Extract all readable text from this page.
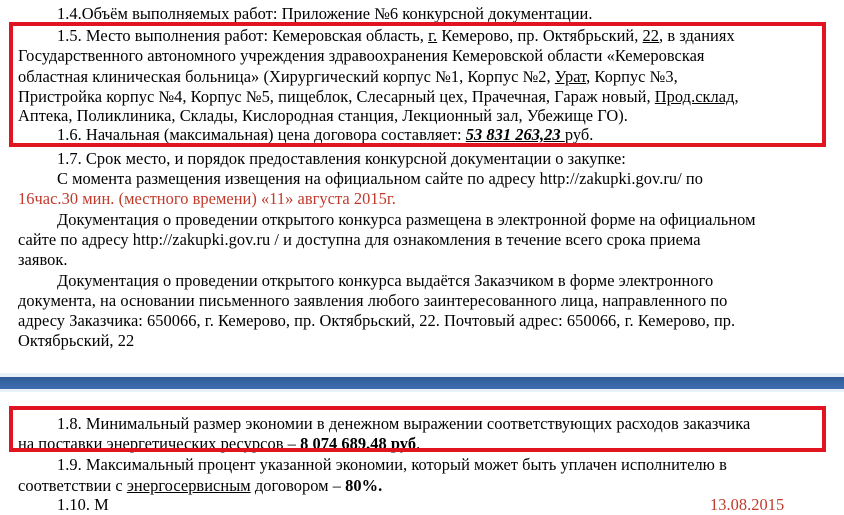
1.4.Объём выполняемых работ: Приложение №6 конкурсной документации.
1.5. Место выполнения работ: Кемеровская область, г. Кемерово, пр. Октябрьский, 22, в зданиях
Государственного автономного учреждения здравоохранения Кемеровской области «Кемеровская
областная клиническая больница» (Хирургический корпус №1, Корпус №2, Урат, Корпус №3,
Пристройка корпус №4, Корпус №5, пищеблок, Слесарный цех, Прачечная, Гараж новый, Прод.склад,
Аптека, Поликлиника, Склады, Кислородная станция, Лекционный зал, Убежище ГО).
1.6. Начальная (максимальная) цена договора составляет: 53 831 263,23 руб.
1.7. Срок место, и порядок предоставления конкурсной документации о закупке:
С момента размещения извещения на официальном сайте по адресу http://zakupki.gov.ru/ по
16час.30 мин. (местного времени) «11» августа 2015г.
Документация о проведении открытого конкурса размещена в электронной форме на официальном
сайте по адресу http://zakupki.gov.ru / и доступна для ознакомления в течение всего срока приема
заявок.
Документация о проведении открытого конкурса выдаётся Заказчиком в форме электронного
документа, на основании письменного заявления любого заинтересованного лица, направленного по
адресу Заказчика: 650066, г. Кемерово, пр. Октябрьский, 22. Почтовый адрес: 650066, г. Кемерово, пр.
Октябрьский, 22
1.8. Минимальный размер экономии в денежном выражении соответствующих расходов заказчика
на поставки энергетических ресурсов – 8 074 689,48 руб.
1.9. Максимальный процент указанной экономии, который может быть уплачен исполнителю в
соответствии с энергосервисным договором – 80%.
1.10. М	13.08.2015
